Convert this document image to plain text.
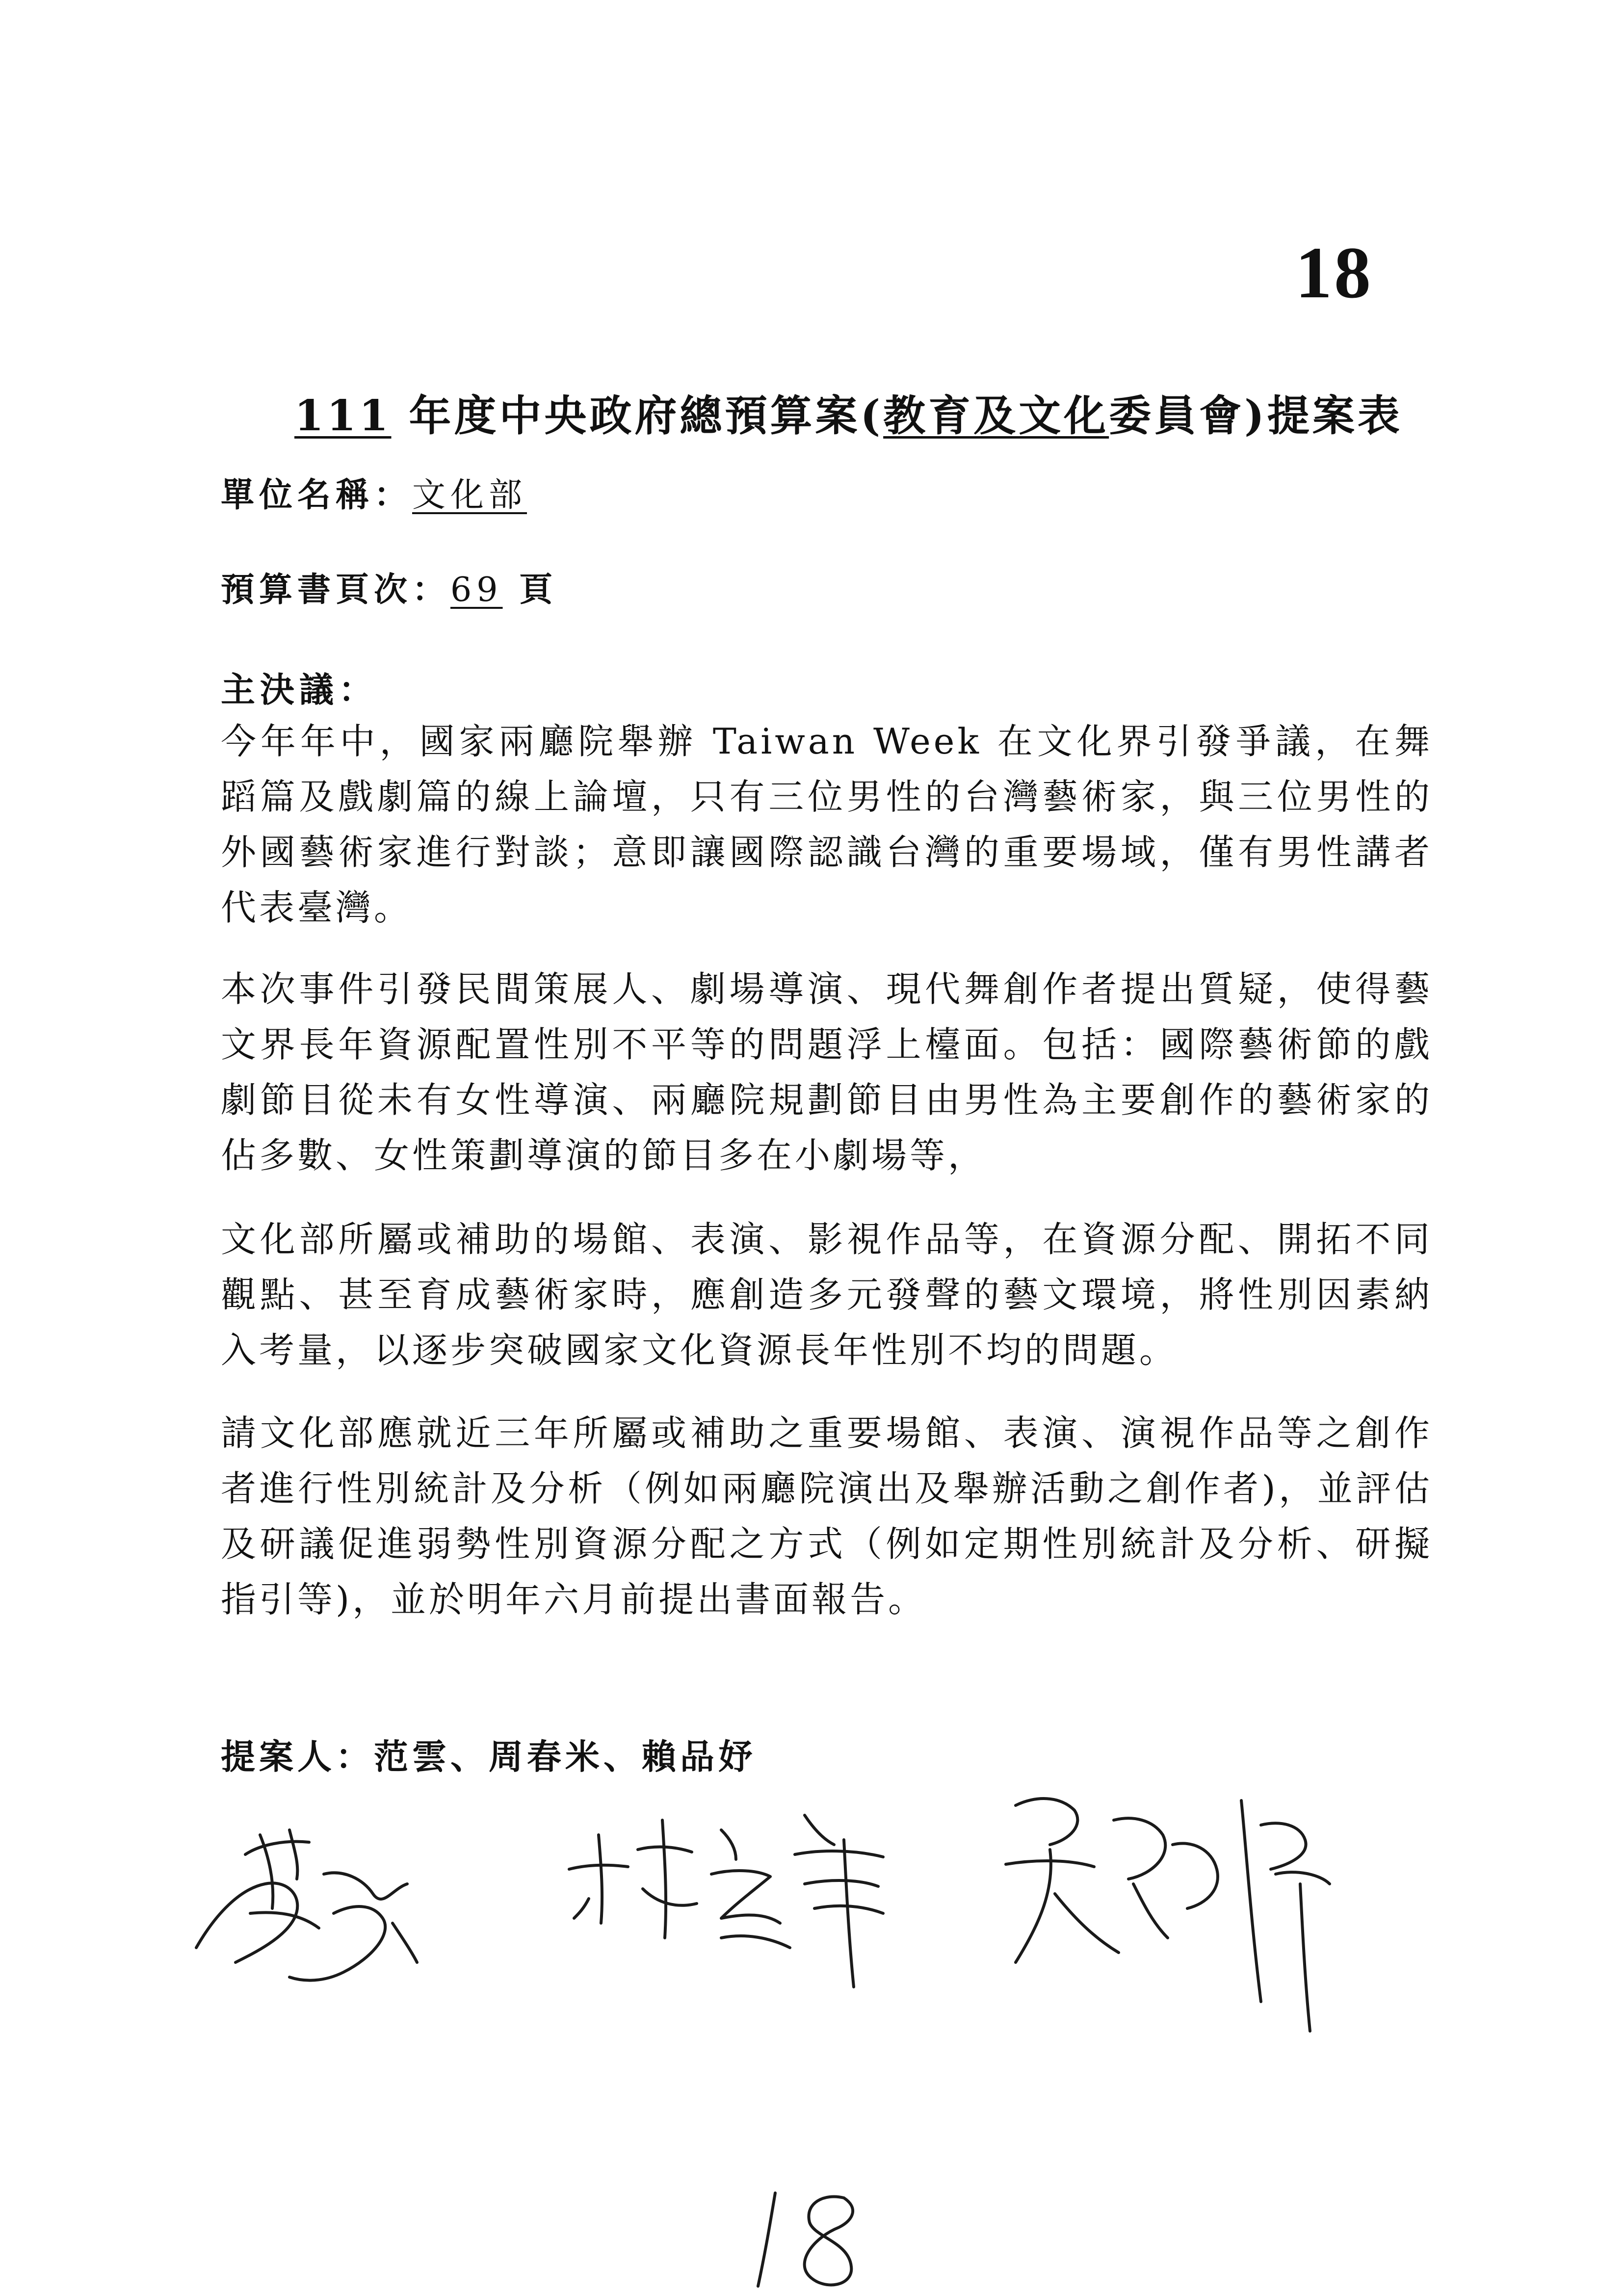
18
111 年度中央政府總預算案(教育及文化委員會)提案表
單位名稱：文化部
預算書頁次：69 頁
主決議：

今年年中，國家兩廳院舉辦 Taiwan Week 在文化界引發爭議，在舞蹈篇及戲劇篇的線上論壇，只有三位男性的台灣藝術家，與三位男性的外國藝術家進行對談；意即讓國際認識台灣的重要場域，僅有男性講者代表臺灣。

本次事件引發民間策展人、劇場導演、現代舞創作者提出質疑，使得藝文界長年資源配置性別不平等的問題浮上檯面。包括：國際藝術節的戲劇節目從未有女性導演、兩廳院規劃節目由男性為主要創作的藝術家的佔多數、女性策劃導演的節目多在小劇場等，

文化部所屬或補助的場館、表演、影視作品等，在資源分配、開拓不同觀點、甚至育成藝術家時，應創造多元發聲的藝文環境，將性別因素納入考量，以逐步突破國家文化資源長年性別不均的問題。

請文化部應就近三年所屬或補助之重要場館、表演、演視作品等之創作者進行性別統計及分析（例如兩廳院演出及舉辦活動之創作者)，並評估及研議促進弱勢性別資源分配之方式（例如定期性別統計及分析、研擬指引等)，並於明年六月前提出書面報告。

提案人：范雲、周春米、賴品妤
